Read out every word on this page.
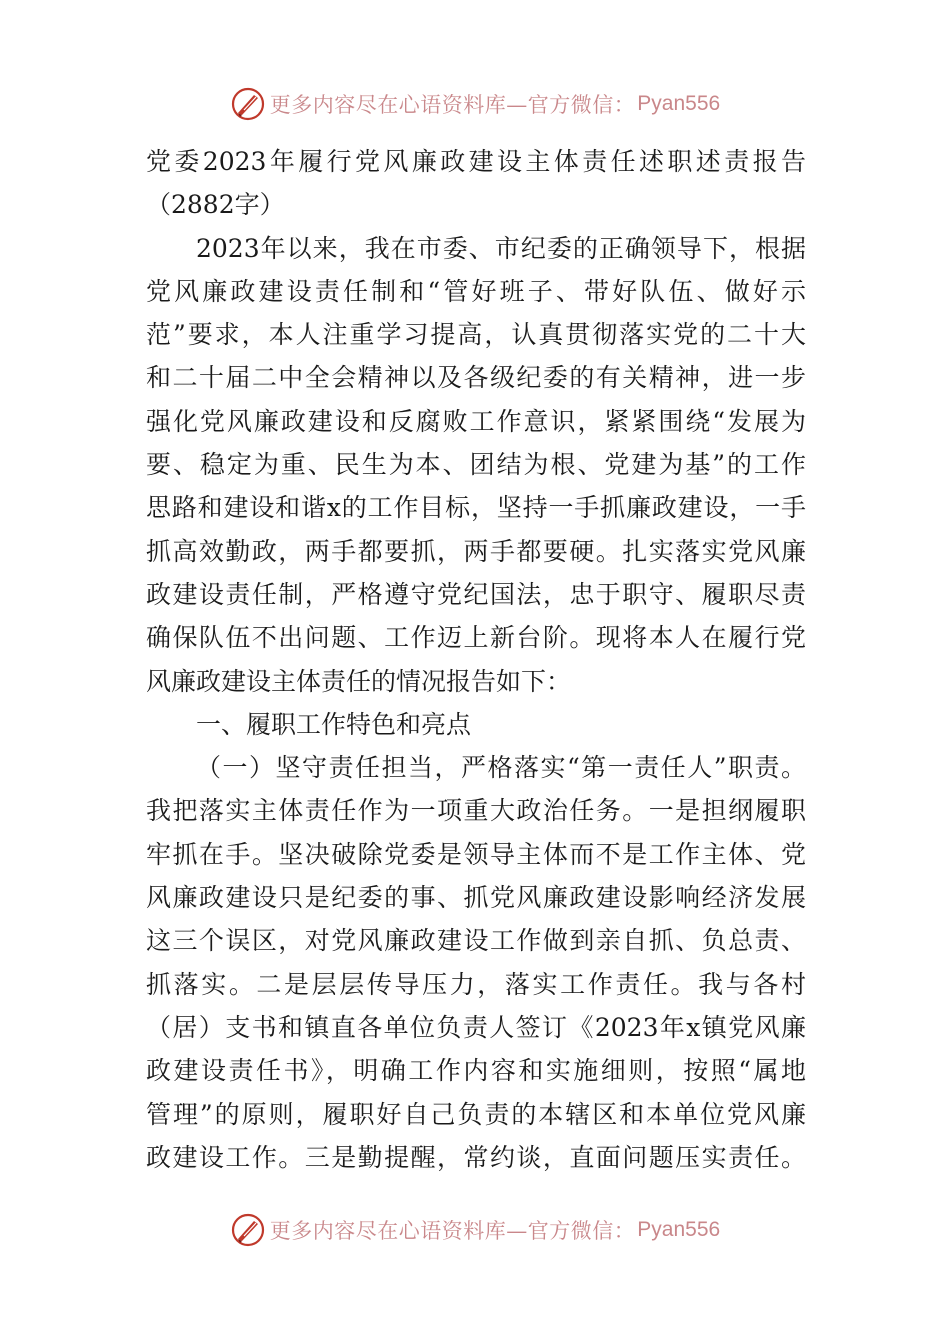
更多内容尽在心语资料库—官方微信： Pyan556
党委2023年履行党风廉政建设主体责任述职述责报告
（2882字）
2023年以来，我在市委、市纪委的正确领导下，根据
党风廉政建设责任制和“管好班子、带好队伍、做好示
范”要求，本人注重学习提高，认真贯彻落实党的二十大
和二十届二中全会精神以及各级纪委的有关精神，进一步
强化党风廉政建设和反腐败工作意识，紧紧围绕“发展为
要、稳定为重、民生为本、团结为根、党建为基”的工作
思路和建设和谐x的工作目标，坚持一手抓廉政建设，一手
抓高效勤政，两手都要抓，两手都要硬。扎实落实党风廉
政建设责任制，严格遵守党纪国法，忠于职守、履职尽责
确保队伍不出问题、工作迈上新台阶。现将本人在履行党
风廉政建设主体责任的情况报告如下：
一、履职工作特色和亮点
（一）坚守责任担当，严格落实“第一责任人”职责。
我把落实主体责任作为一项重大政治任务。一是担纲履职
牢抓在手。坚决破除党委是领导主体而不是工作主体、党
风廉政建设只是纪委的事、抓党风廉政建设影响经济发展
这三个误区，对党风廉政建设工作做到亲自抓、负总责、
抓落实。二是层层传导压力，落实工作责任。我与各村
（居）支书和镇直各单位负责人签订《2023年x镇党风廉
政建设责任书》，明确工作内容和实施细则，按照“属地
管理”的原则，履职好自己负责的本辖区和本单位党风廉
政建设工作。三是勤提醒，常约谈，直面问题压实责任。
更多内容尽在心语资料库—官方微信： Pyan556
